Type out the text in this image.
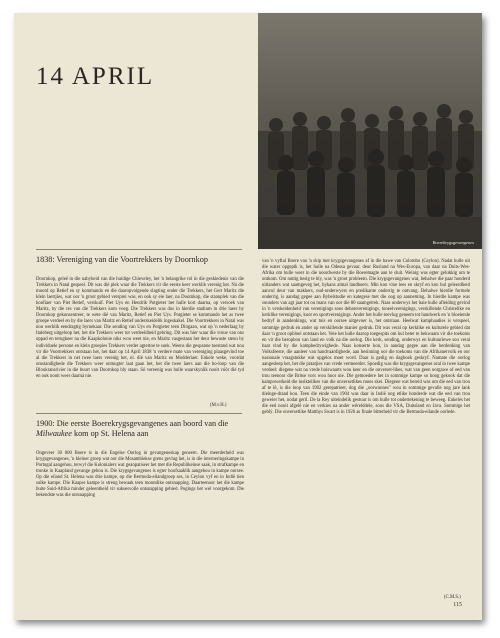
14 APRIL
Boerekrygsgevangenes
1838: Vereniging van die Voortrekkers by Doornkop

Doornkop, geleë in die nabyheid van die huidige Chieveley, het 'n belangrike rol in die geskiedenis van die Trekkers in Natal gespeel. Dit was dié plek waar die Trekkers vir die eerste keer werklik verenig het. Ná die moord op Retief en sy kommando en die daaropvolgende slagting onder die Trekkers, het Gert Maritz die klein laertjies, wat oor 'n groot gebied versprei was, en ook sy eie laer, na Doornkop, die staanplek van die hoofiaer van Piet Retief, verskuif. Piet Uys en Hendrik Potgieter het hulle kort daarna, op versoek van Maritz, by die res van die Trekkers kom voeg. Die Trekkers was dus in hierdie stadium in drie laers by Doornkop gekonsentreer, te wete dié van Maritz, Retief en Piet Uys. Potgieter se kommando het as twee groepe verdeel en by die laers van Maritz en Retief onderskeidelik ingeskakel. Die Voortrekkers in Natal was nou werklik eendragtig byrnekaar. Die sending van Uys en Potgieter teen Dingaan, wat op 'n nederlaag by Italeberg uitgeloop het, het die Trekkers weer tot verdeeldheid gebring. Dit was hier waar die vroue van ons oppad en terugkeer na die Kaapkolonie niks wou weet nie, en Maritz vasgestaan het deur bewuste steun by individuele persone en klein groepies Trekkers verder agtertoe te soek. Weens die gespanne toestand wat nou vir die Voortrekkers ontstaan het, het daar op 14 April 1838 'n verdere mate van vereniging plaasgevind toe al die Trekkers in net twee laers verenig het, nl. dié van Maritz en Modderlaer. Enkele weke, voordat omstandighede die Trekkers weer ontnugter laat gaan het, het die twee laers aan die bo-loop van die Bloukransrivier in die buurt van Doornkop bly staan. Só vereenig was hulle waarskynlik nooit vóór dié tyd en ook nooit weer daarná nie.

(M.v.H.)
1900: Die eerste Boerekrygsgevangenes aan boord van die Milwaukee kom op St. Helena aan

Ongeveer 30 000 Boere is in die Engelse Oorlog in gevangeneskap geneem. Die meerderheid was krygsgevangenes, 'n kleiner groep wat oor die Mosambiekse grens gevlug het, is in die interneringskampe in Portugal aangehou, terwyl die Kolonialers wat geanpatiseer het met die Republikeinse saak, in strafkampe en tronke in Kaapland gevange gehou is. Die krygsgevangenes is egter hoofsaaklik aangehou in kampe oorsee. Op die eiland St. Helena was drie kampe, op die Bermuda-eilandgroep ses, in Ceylon vyf en in Indië tien sulke kampe. Die Kaapse kampe is streng bewaak teen moontlike ontsnapping. Daarteenoor het die kampe buite Suid-Afrika minder geleentheid vir suksesvolle ontsnapping gebied. Pogings het wel voorgekom. Die bekendste was die ontsnapping

van 'n vyftal Boere van 'n skip met krygsgevangenes af in die hawe van Colombo (Ceylon). Nadat hulle uit die water opgepik is, het hulle na Odessa gevaar, deur Rusland na Wes-Europa, van daar na Duits-Wes-Afrika om hulle weer in die noordweste by die Boeremagte aan te sluit. Weinig was egter gelukkig om te ontkom. Om nuttig besig te bly, was 'n groot probleem. Die krygsgevangenes wat, behalwe die paar honderd uitlanders wat saamgeveg het, bykans almal landboers. Min kon vloe lees en skryf en kon hul geleerdheid aanvul deur van makkers, oud-onderwyers en predikante onderrig te ontvang. Behalwe hierdie formele onderrig, is aandag gegee aan Bybelstudie en kategese met die oog op aanneming. In hierdie kampe was sounders van agt jaar tot ou mans van oor die 80 saamgetrek. Naas onderwys het baie hulle afleiding gevind in 'n verskeidenheid van verenigings soos debatsverenigings, toneelverenigings, verskillende Christelike en kerklike verenigings, koor en sportverenigings. Ander het hulle toevlug geneem tot handwerk en 'n bloeiende bedryf in aandenkings, wat tuis en oorsee uitgevoer is, het ontstaan. Heelwat kamphaadies is verspeel, sommige gedruk en ander op verskillende manier gedruk. Dit was veral op kerklike en kulturele gebied dat daar 'n groot opbloei ontstaan het. Vele het hulle daarop toegespits om hul beter te bekwaam vir die toekoms en vir die heropbou van land en volk na die oorlog. Die kerk, sending, onderwys en kultuurlewe sou veral baat vind by die kampbedrywighede. Naas konserte kon, in aandag gegee aan die herdenking van Volksfeeste, die aanleer van handvaardighede, aan besinning oor die toekoms van die Afrikanervolk en oor nasionale vraagstukke wat opgelos moet word. Daar is gedig en dagboek geskryf. Namate die oorlog aangesleep het, het die praatjies van vrede vermeerder. Spoedig was die krygsgevangenes oral in twee kampe verdeel: diegene wat na vrede huiswaarts wou keer en die onverset-likes, wat van geen oorgawe of eed van trou teenoor die Britse vors wou hoor nie. Die gemoedere het in sommige kampe so hoog gekook dat die kampowerheid die insiktelikes van die onversetlikes moes skei. Diegene wat bereid was om die eed van trou af te lê, is die loop van 1902 gerepatrieer, dog die „oorwonnes" wou in sommige gevalle nog jare lank dieinge-draad kou. Teen die einde van 1904 was daar in Indië nog etlike honderde wat die eed van trou geweier het, nodat geril. De la Rey uiteindelik gestuur is om hulle tot ondertekening te beweeg. Enkeles het die eed nooit afgelê nie en verkies na ander wêrelddele, soos die VSA, Duitsland en Java. Sommige het geblý. Die onversetlike Matthys Swart is in 1926 as finale bitterheid vir die Bermuda-eilande oorlede.

(C.M.S.)
115
